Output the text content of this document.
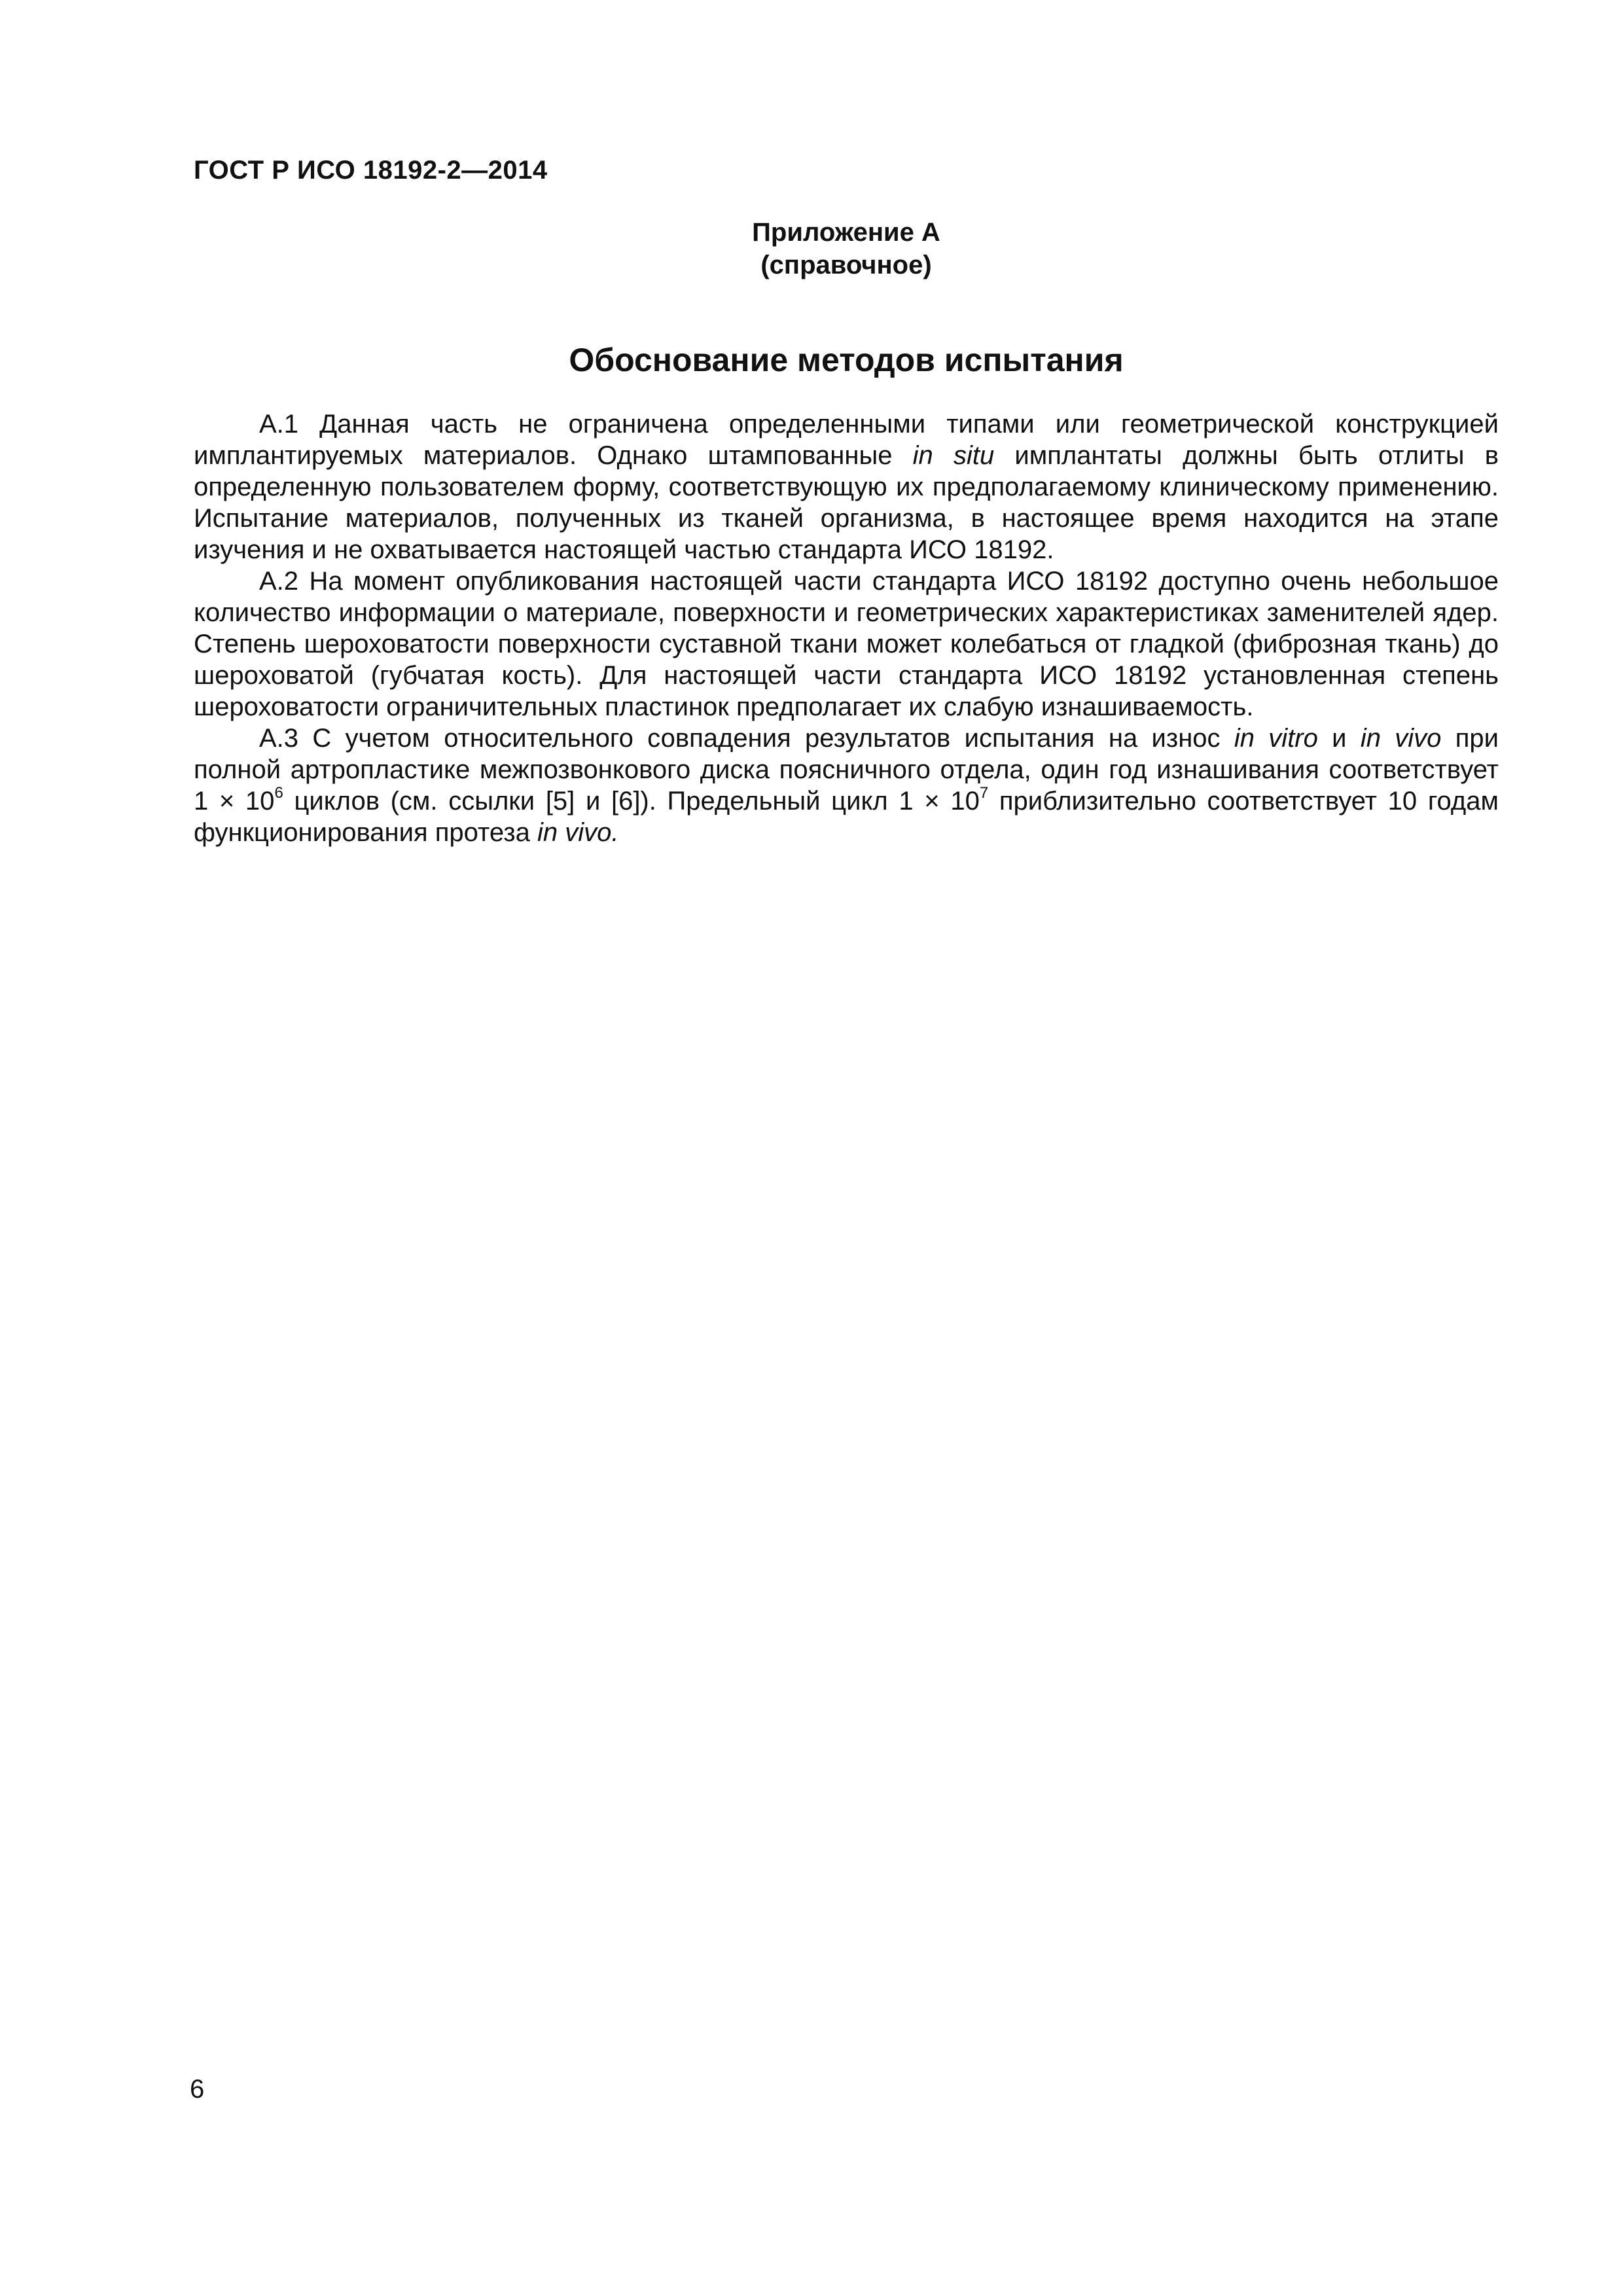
ГОСТ Р ИСО 18192-2—2014
Приложение А
(справочное)
Обоснование методов испытания

А.1 Данная часть не ограничена определенными типами или геометрической конструкцией имплантируемых материалов. Однако штампованные in situ имплантаты должны быть отлиты в определенную пользователем форму, соответствующую их предполагаемому клиническому применению. Испытание материалов, полученных из тканей организма, в настоящее время находится на этапе изучения и не охватывается настоящей частью стандарта ИСО 18192.

А.2 На момент опубликования настоящей части стандарта ИСО 18192 доступно очень небольшое количество информации о материале, поверхности и геометрических характеристиках заменителей ядер. Степень шероховатости поверхности суставной ткани может колебаться от гладкой (фиброзная ткань) до шероховатой (губчатая кость). Для настоящей части стандарта ИСО 18192 установленная степень шероховатости ограничительных пластинок предполагает их слабую изнашиваемость.

А.3 С учетом относительного совпадения результатов испытания на износ in vitro и in vivo при полной артропластике межпозвонкового диска поясничного отдела, один год изнашивания соответствует $1 \times 10^6$ циклов (см. ссылки [5] и [6]). Предельный цикл $1 \times 10^7$ приблизительно соответствует 10 годам функционирования протеза in vivo.

6
